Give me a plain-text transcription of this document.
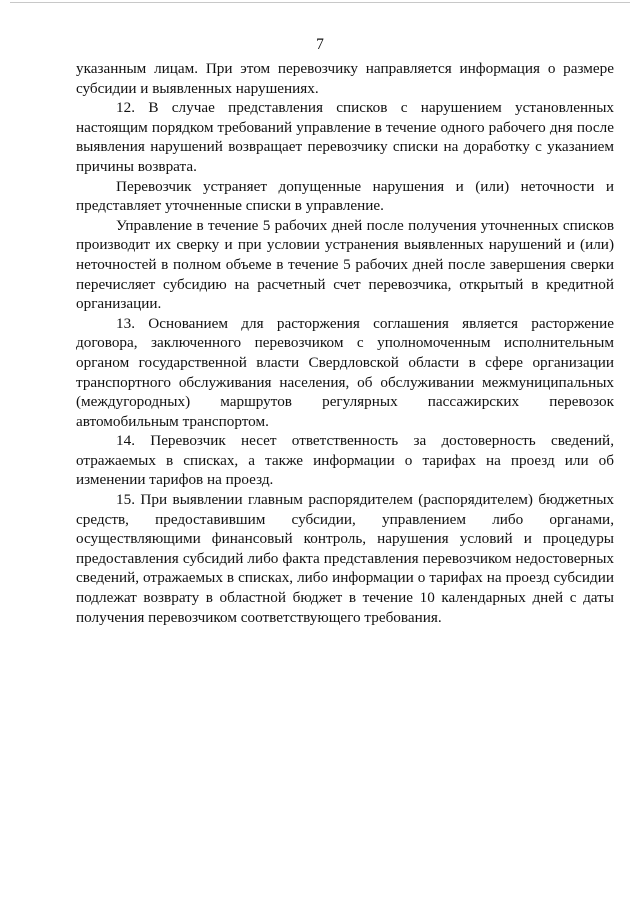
7

указанным лицам. При этом перевозчику направляется информация о размере субсидии и выявленных нарушениях.

12. В случае представления списков с нарушением установленных настоящим порядком требований управление в течение одного рабочего дня после выявления нарушений возвращает перевозчику списки на доработку с указанием причины возврата.

Перевозчик устраняет допущенные нарушения и (или) неточности и представляет уточненные списки в управление.

Управление в течение 5 рабочих дней после получения уточненных списков производит их сверку и при условии устранения выявленных нарушений и (или) неточностей в полном объеме в течение 5 рабочих дней после завершения сверки перечисляет субсидию на расчетный счет перевозчика, открытый в кредитной организации.

13. Основанием для расторжения соглашения является расторжение договора, заключенного перевозчиком с уполномоченным исполнительным органом государственной власти Свердловской области в сфере организации транспортного обслуживания населения, об обслуживании межмуниципальных (междугородных) маршрутов регулярных пассажирских перевозок автомобильным транспортом.

14. Перевозчик несет ответственность за достоверность сведений, отражаемых в списках, а также информации о тарифах на проезд или об изменении тарифов на проезд.

15. При выявлении главным распорядителем (распорядителем) бюджетных средств, предоставившим субсидии, управлением либо органами, осуществляющими финансовый контроль, нарушения условий и процедуры предоставления субсидий либо факта представления перевозчиком недостоверных сведений, отражаемых в списках, либо информации о тарифах на проезд субсидии подлежат возврату в областной бюджет в течение 10 календарных дней с даты получения перевозчиком соответствующего требования.
